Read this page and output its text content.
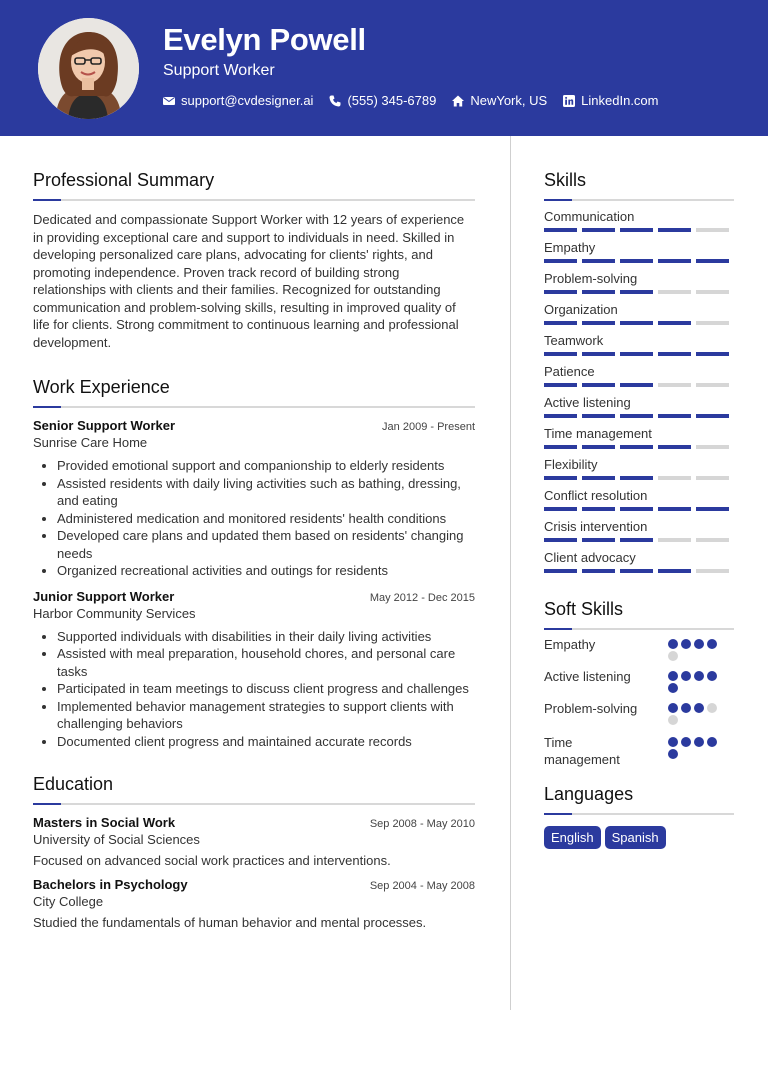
Evelyn Powell
Support Worker
support@cvdesigner.ai	(555) 345-6789	NewYork, US	LinkedIn.com
Professional Summary

Dedicated and compassionate Support Worker with 12 years of experience in providing exceptional care and support to individuals in need. Skilled in developing personalized care plans, advocating for clients' rights, and promoting independence. Proven track record of building strong relationships with clients and their families. Recognized for outstanding communication and problem-solving skills, resulting in improved quality of life for clients. Strong commitment to continuous learning and professional development.

Work Experience
Senior Support Worker	Jan 2009 - Present
Sunrise Care Home
• Provided emotional support and companionship to elderly residents
• Assisted residents with daily living activities such as bathing, dressing, and eating
• Administered medication and monitored residents' health conditions
• Developed care plans and updated them based on residents' changing needs
• Organized recreational activities and outings for residents
Junior Support Worker	May 2012 - Dec 2015
Harbor Community Services
• Supported individuals with disabilities in their daily living activities
• Assisted with meal preparation, household chores, and personal care tasks
• Participated in team meetings to discuss client progress and challenges
• Implemented behavior management strategies to support clients with challenging behaviors
• Documented client progress and maintained accurate records
Education
Masters in Social Work	Sep 2008 - May 2010
University of Social Sciences
Focused on advanced social work practices and interventions.
Bachelors in Psychology	Sep 2004 - May 2008
City College
Studied the fundamentals of human behavior and mental processes.
Skills
Communication
Empathy
Problem-solving
Organization
Teamwork
Patience
Active listening
Time management
Flexibility
Conflict resolution
Crisis intervention
Client advocacy
Soft Skills
Empathy
Active listening
Problem-solving
Time management
Languages
English	Spanish
